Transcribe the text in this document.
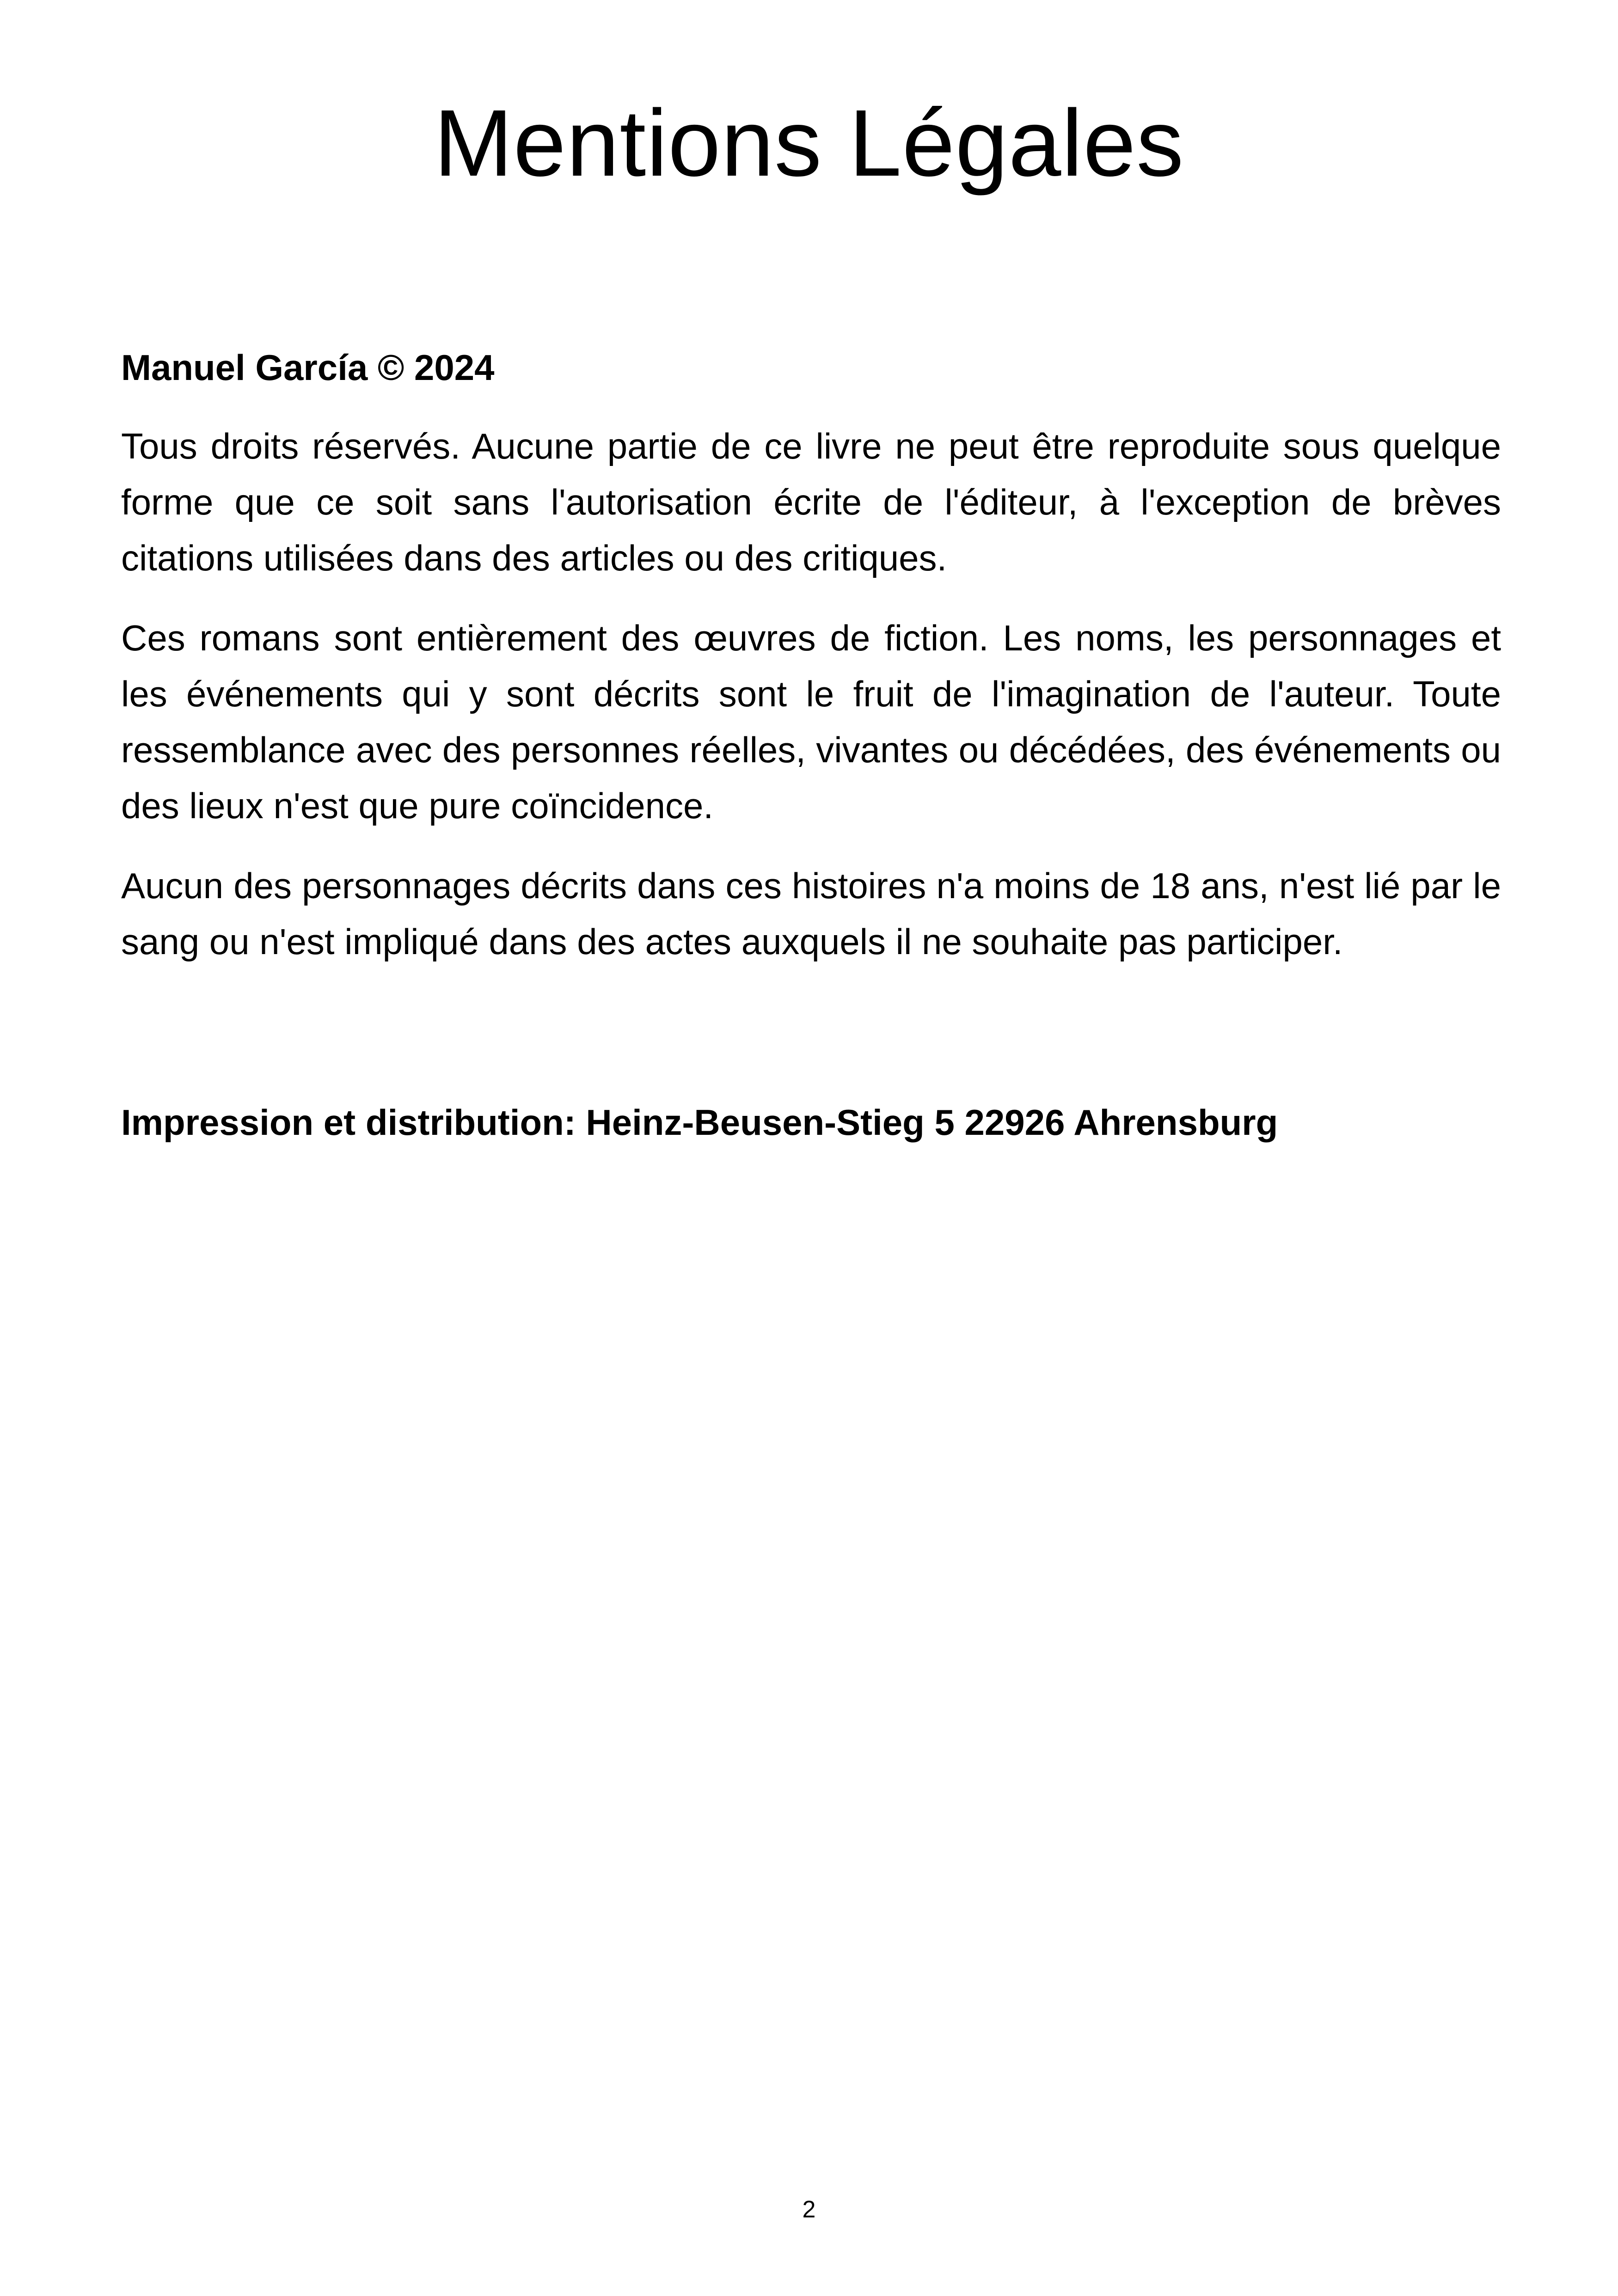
Mentions Légales

Manuel García © 2024

Tous droits réservés. Aucune partie de ce livre ne peut être reproduite sous quelque forme que ce soit sans l'autorisation écrite de l'éditeur, à l'exception de brèves citations utilisées dans des articles ou des critiques.

Ces romans sont entièrement des œuvres de fiction. Les noms, les personnages et les événements qui y sont décrits sont le fruit de l'imagination de l'auteur. Toute ressemblance avec des personnes réelles, vivantes ou décédées, des événements ou des lieux n'est que pure coïncidence.

Aucun des personnages décrits dans ces histoires n'a moins de 18 ans, n'est lié par le sang ou n'est impliqué dans des actes auxquels il ne souhaite pas participer.

Impression et distribution: Heinz-Beusen-Stieg 5 22926 Ahrensburg

2
